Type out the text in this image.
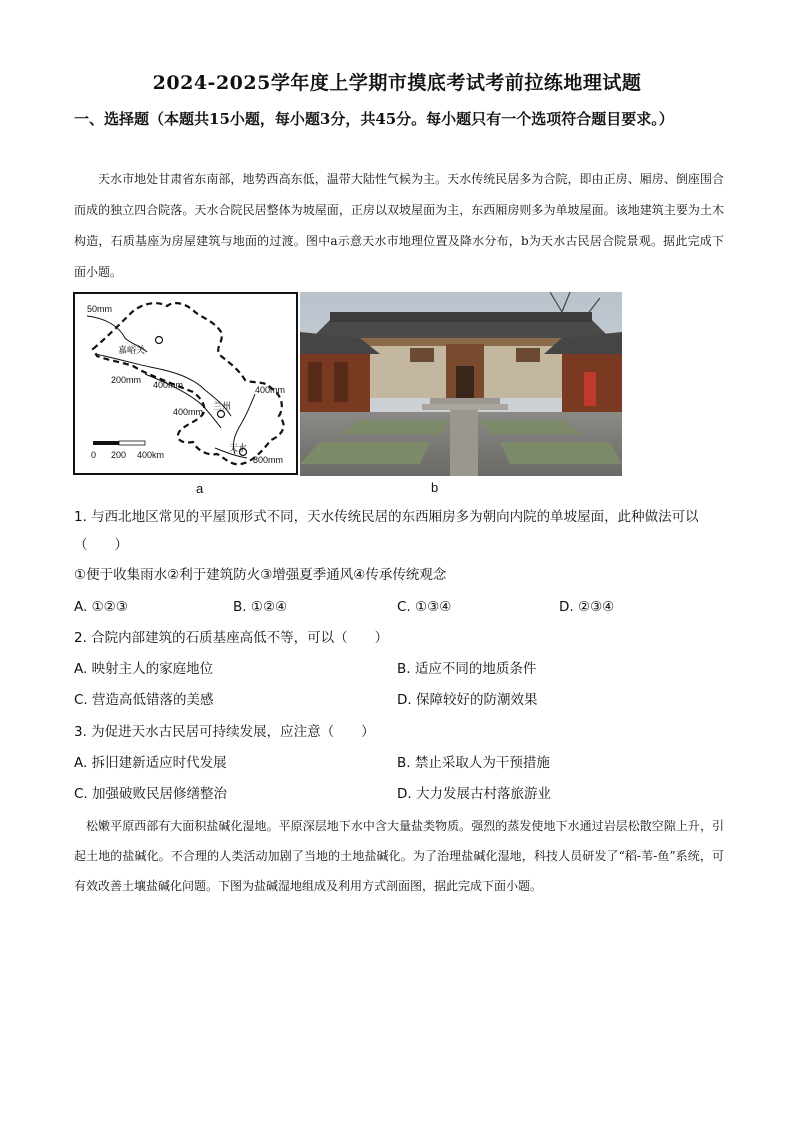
2024-2025学年度上学期市摸底考试考前拉练地理试题
一、选择题（本题共15小题，每小题3分，共45分。每小题只有一个选项符合题目要求。）

天水市地处甘肃省东南部，地势西高东低，温带大陆性气候为主。天水传统民居多为合院，即由正房、厢房、倒座围合而成的独立四合院落。天水合院民居整体为坡屋面，正房以双坡屋面为主，东西厢房则多为单坡屋面。该地建筑主要为土木构造，石质基座为房屋建筑与地面的过渡。图中a示意天水市地理位置及降水分布，b为天水古民居合院景观。据此完成下面小题。

50mm
嘉峪关
200mm 400mm	400mm
400mm
兰州
天水
800mm
0 200 400km
a	b
1. 与西北地区常见的平屋顶形式不同，天水传统民居的东西厢房多为朝向内院的单坡屋面，此种做法可以（　　）
①便于收集雨水②利于建筑防火③增强夏季通风④传承传统观念
A. ①②③	B. ①②④	C. ①③④	D. ②③④
2. 合院内部建筑的石质基座高低不等，可以（　　）
A. 映射主人的家庭地位	B. 适应不同的地质条件
C. 营造高低错落的美感	D. 保障较好的防潮效果
3. 为促进天水古民居可持续发展，应注意（　　）
A. 拆旧建新适应时代发展	B. 禁止采取人为干预措施
C. 加强破败民居修缮整治	D. 大力发展古村落旅游业

松嫩平原西部有大面积盐碱化湿地。平原深层地下水中含大量盐类物质。强烈的蒸发使地下水通过岩层松散空隙上升，引起土地的盐碱化。不合理的人类活动加剧了当地的土地盐碱化。为了治理盐碱化湿地，科技人员研发了“稻-苇-鱼”系统，可有效改善土壤盐碱化问题。下图为盐碱湿地组成及利用方式剖面图，据此完成下面小题。
